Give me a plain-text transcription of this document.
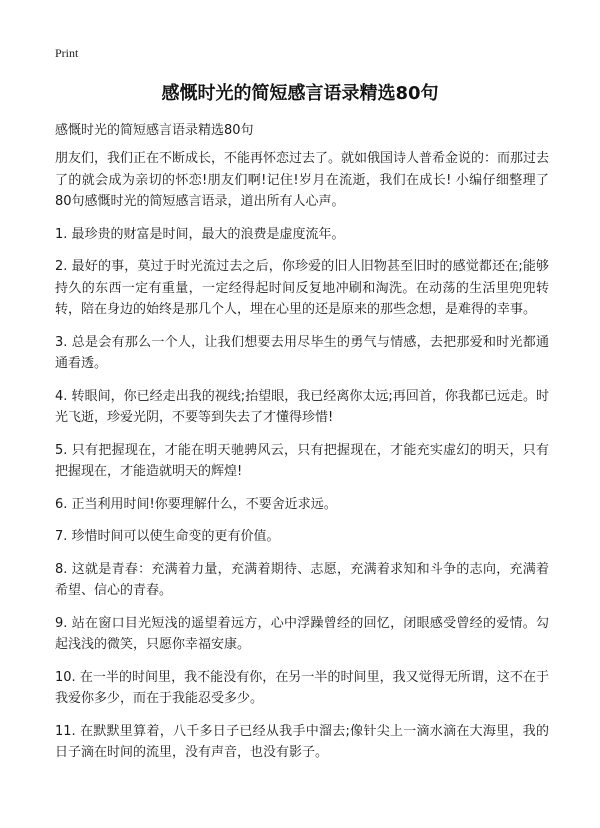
Print
感慨时光的简短感言语录精选80句

感慨时光的简短感言语录精选80句

朋友们，我们正在不断成长，不能再怀恋过去了。就如俄国诗人普希金说的：而那过去了的就会成为亲切的怀恋!朋友们啊!记住!岁月在流逝，我们在成长! 小编仔细整理了80句感慨时光的简短感言语录，道出所有人心声。

1. 最珍贵的财富是时间，最大的浪费是虚度流年。

2. 最好的事，莫过于时光流过去之后，你珍爱的旧人旧物甚至旧时的感觉都还在;能够持久的东西一定有重量，一定经得起时间反复地冲刷和淘洗。在动荡的生活里兜兜转转，陪在身边的始终是那几个人，埋在心里的还是原来的那些念想，是难得的幸事。

3. 总是会有那么一个人，让我们想要去用尽毕生的勇气与情感，去把那爱和时光都通通看透。

4. 转眼间，你已经走出我的视线;抬望眼，我已经离你太远;再回首，你我都已远走。时光飞逝，珍爱光阴，不要等到失去了才懂得珍惜!

5. 只有把握现在，才能在明天驰骋风云，只有把握现在，才能充实虚幻的明天，只有把握现在，才能造就明天的辉煌!

6. 正当利用时间!你要理解什么，不要舍近求远。

7. 珍惜时间可以使生命变的更有价值。

8. 这就是青春：充满着力量，充满着期待、志愿，充满着求知和斗争的志向，充满着希望、信心的青春。

9. 站在窗口目光短浅的遥望着远方，心中浮躁曾经的回忆，闭眼感受曾经的爱情。勾起浅浅的微笑，只愿你幸福安康。

10. 在一半的时间里，我不能没有你，在另一半的时间里，我又觉得无所谓，这不在于我爱你多少，而在于我能忍受多少。

11. 在默默里算着，八千多日子已经从我手中溜去;像针尖上一滴水滴在大海里，我的日子滴在时间的流里，没有声音，也没有影子。
